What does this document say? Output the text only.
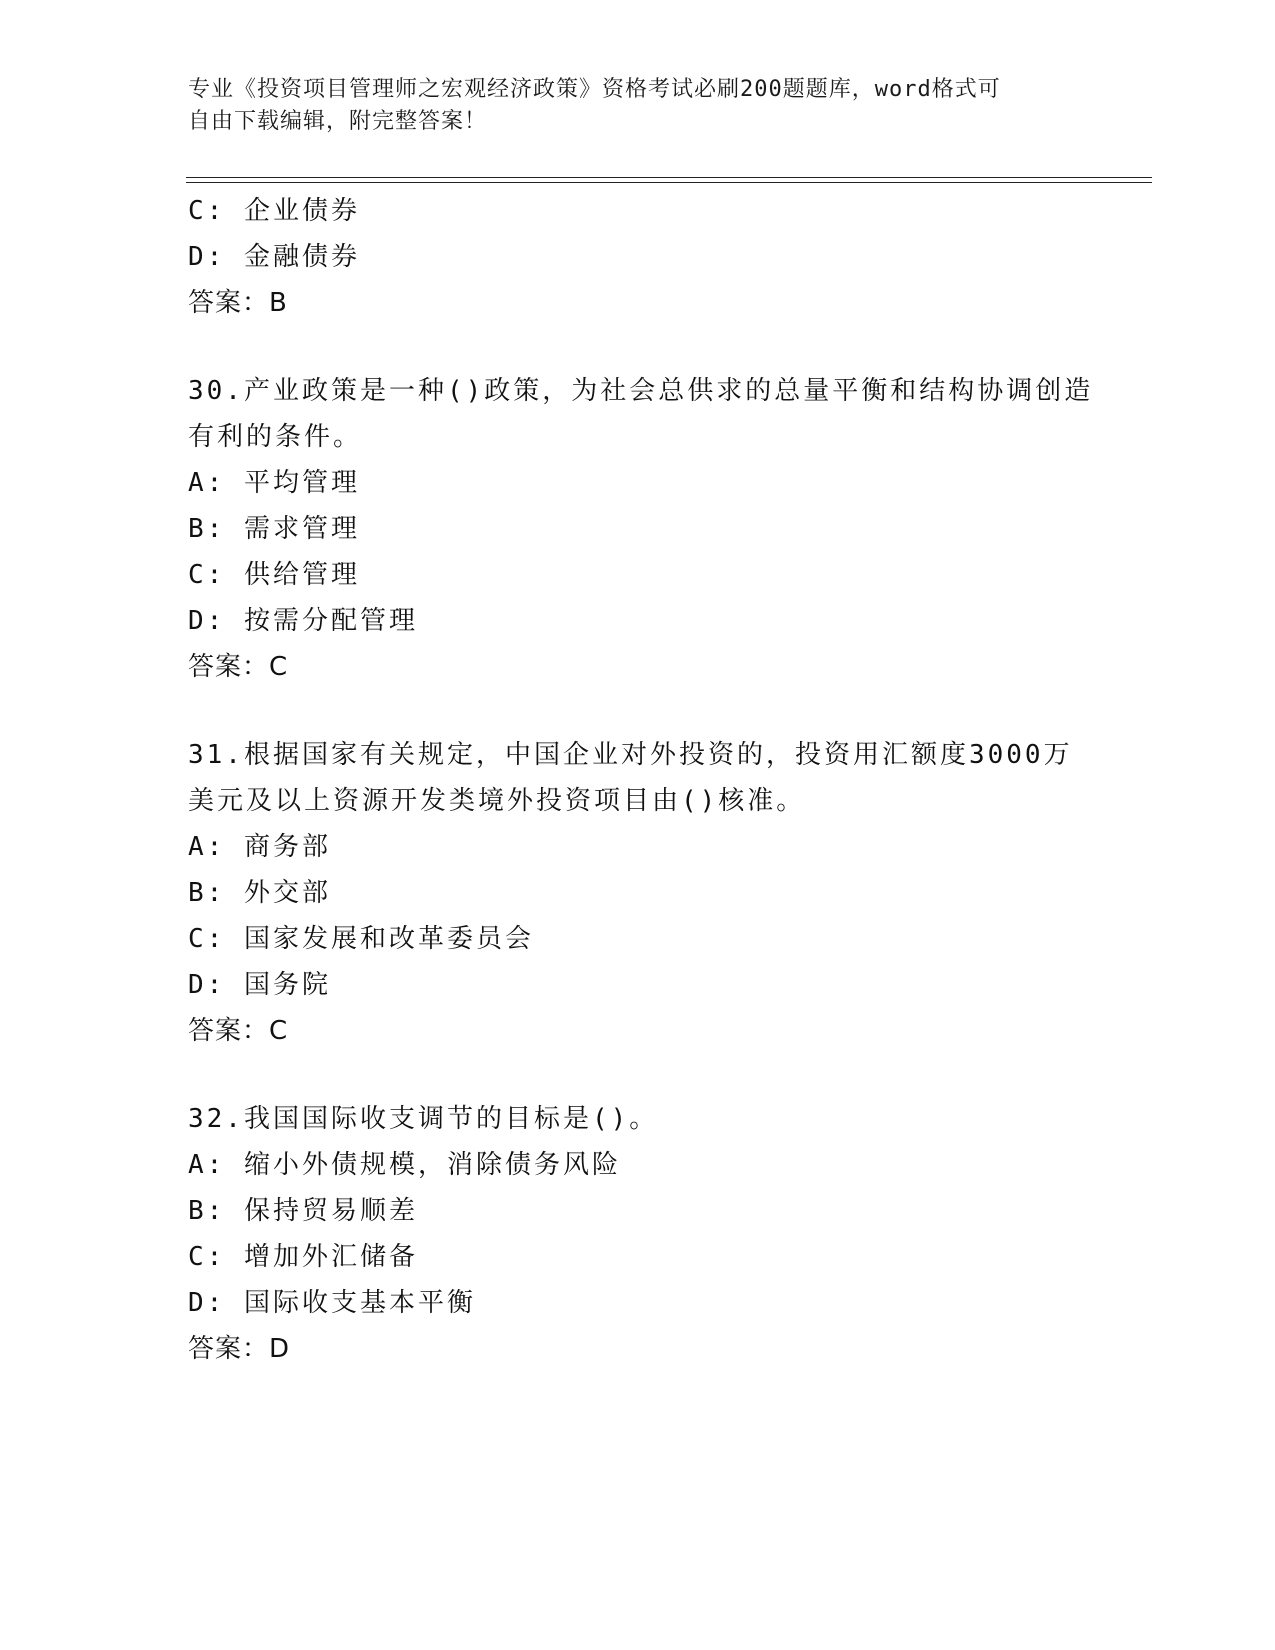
专业《投资项目管理师之宏观经济政策》资格考试必刷200题题库，word格式可
自由下载编辑，附完整答案！
C: 企业债券
D: 金融债券
答案：B
30.产业政策是一种()政策，为社会总供求的总量平衡和结构协调创造
有利的条件。
A: 平均管理
B: 需求管理
C: 供给管理
D: 按需分配管理
答案：C
31.根据国家有关规定，中国企业对外投资的，投资用汇额度3000万
美元及以上资源开发类境外投资项目由()核准。
A: 商务部
B: 外交部
C: 国家发展和改革委员会
D: 国务院
答案：C
32.我国国际收支调节的目标是()。
A: 缩小外债规模，消除债务风险
B: 保持贸易顺差
C: 增加外汇储备
D: 国际收支基本平衡
答案：D
